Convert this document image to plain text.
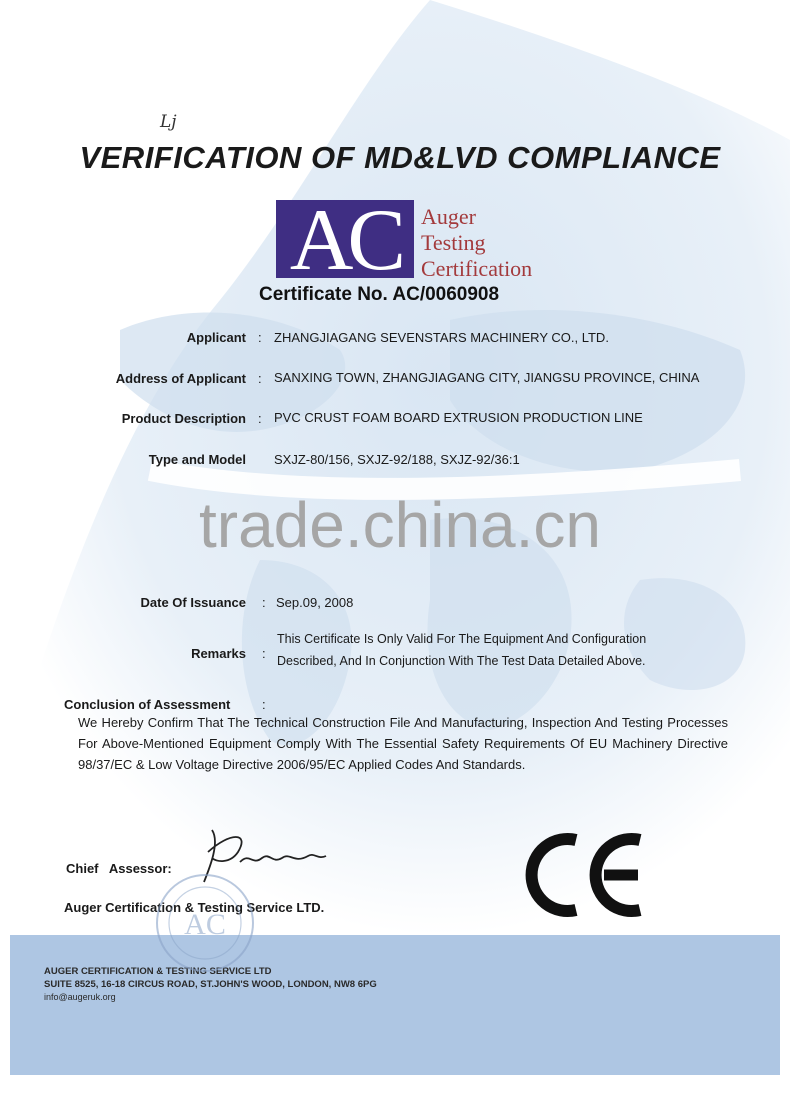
Lj
VERIFICATION OF MD&LVD COMPLIANCE
AC Auger
Testing
Certification
Certificate No. AC/0060908
Applicant : ZHANGJIAGANG SEVENSTARS MACHINERY CO., LTD.
Address of Applicant : SANXING TOWN, ZHANGJIAGANG CITY, JIANGSU PROVINCE, CHINA
Product Description : PVC CRUST FOAM BOARD EXTRUSION PRODUCTION LINE
Type and Model SXJZ-80/156, SXJZ-92/188, SXJZ-92/36:1
trade.china.cn
Date Of Issuance : Sep.09, 2008
Remarks :
This Certificate Is Only Valid For The Equipment And Configuration
Described, And In Conjunction With The Test Data Detailed Above.
Conclusion of Assessment :
We Hereby Confirm That The Technical Construction File And Manufacturing, Inspection And Testing Processes For Above-Mentioned Equipment Comply With The Essential Safety Requirements Of EU Machinery Directive 98/37/EC & Low Voltage Directive 2006/95/EC Applied Codes And Standards.
Chief   Assessor:
Auger Certification & Testing Service LTD.
AUGER CERTIFICATION & TESTING SERVICE LTD
SUITE 8525, 16-18 CIRCUS ROAD, ST.JOHN'S WOOD, LONDON, NW8 6PG
info@augeruk.org
AC
